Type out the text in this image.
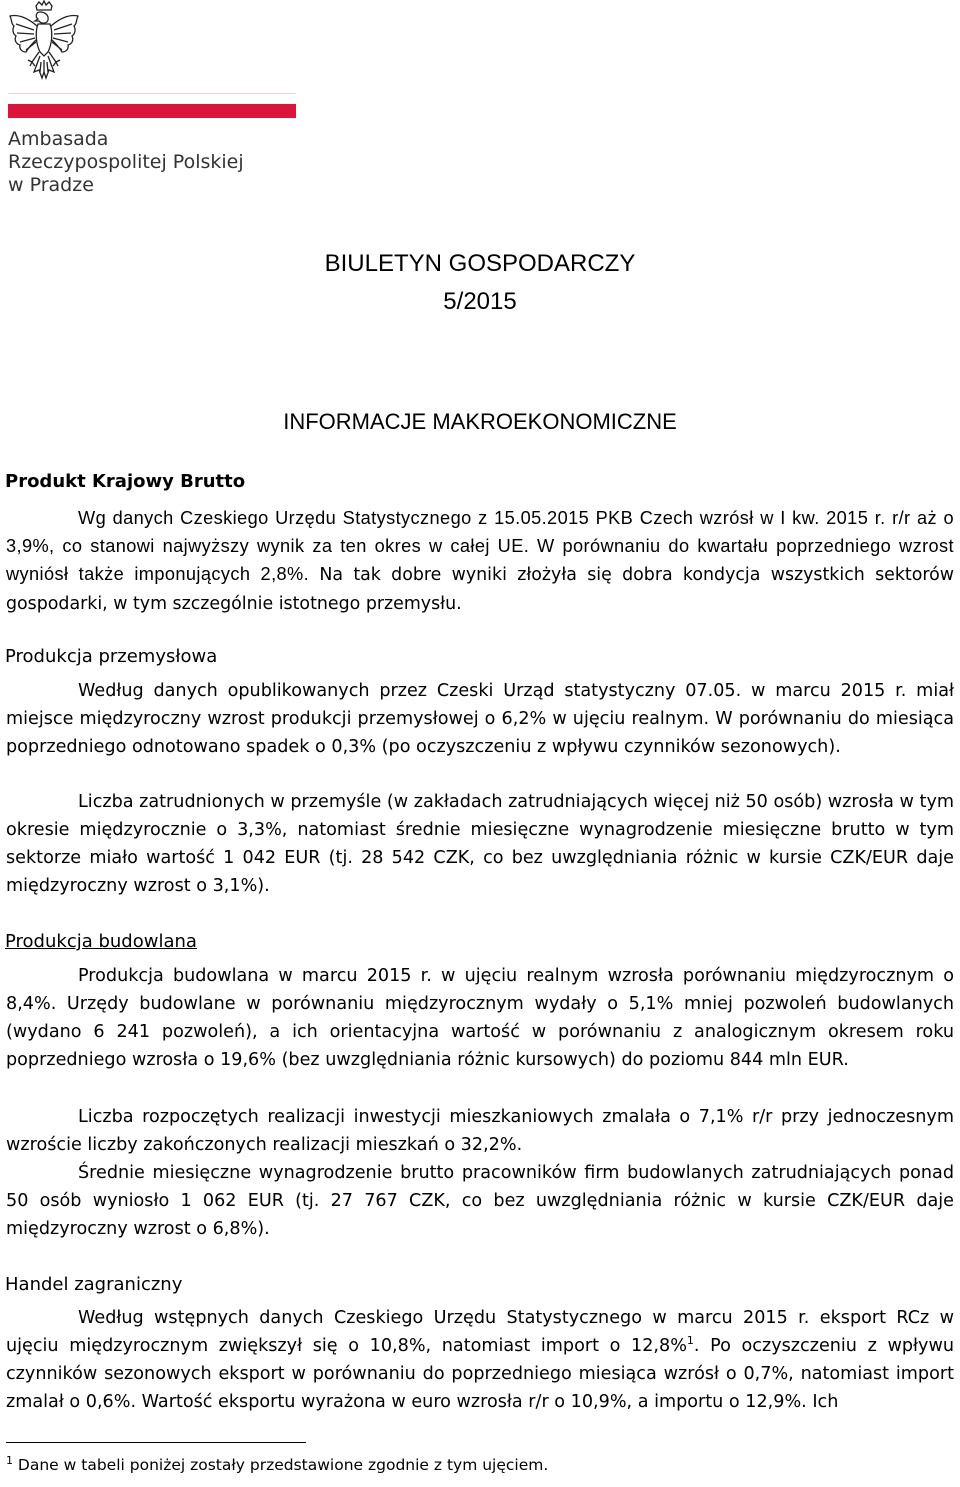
Ambasada
Rzeczypospolitej Polskiej
w Pradze
BIULETYN GOSPODARCZY
5/2015
INFORMACJE MAKROEKONOMICZNE
Produkt Krajowy Brutto
Wg danych Czeskiego Urzędu Statystycznego z 15.05.2015 PKB Czech wzrósł w I kw. 2015 r. r/r aż o 3,9%, co stanowi najwyższy wynik za ten okres w całej UE. W porównaniu do kwartału poprzedniego wzrost wyniósł także imponujących 2,8%. Na tak dobre wyniki złożyła się dobra kondycja wszystkich sektorów gospodarki, w tym szczególnie istotnego przemysłu.
Produkcja przemysłowa
Według danych opublikowanych przez Czeski Urząd statystyczny 07.05. w marcu 2015 r. miał miejsce międzyroczny wzrost produkcji przemysłowej o 6,2% w ujęciu realnym. W porównaniu do miesiąca poprzedniego odnotowano spadek o 0,3% (po oczyszczeniu z wpływu czynników sezonowych).
Liczba zatrudnionych w przemyśle (w zakładach zatrudniających więcej niż 50 osób) wzrosła w tym okresie międzyrocznie o 3,3%, natomiast średnie miesięczne wynagrodzenie miesięczne brutto w tym sektorze miało wartość 1 042 EUR (tj. 28 542 CZK, co bez uwzględniania różnic w kursie CZK/EUR daje międzyroczny wzrost o 3,1%).
Produkcja budowlana
Produkcja budowlana w marcu 2015 r. w ujęciu realnym wzrosła porównaniu międzyrocznym o 8,4%. Urzędy budowlane w porównaniu międzyrocznym wydały o 5,1% mniej pozwoleń budowlanych (wydano 6 241 pozwoleń), a ich orientacyjna wartość w porównaniu z analogicznym okresem roku poprzedniego wzrosła o 19,6% (bez uwzględniania różnic kursowych) do poziomu 844 mln EUR.
Liczba rozpoczętych realizacji inwestycji mieszkaniowych zmalała o 7,1% r/r przy jednoczesnym wzroście liczby zakończonych realizacji mieszkań o 32,2%.
Średnie miesięczne wynagrodzenie brutto pracowników firm budowlanych zatrudniających ponad 50 osób wyniosło 1 062 EUR (tj. 27 767 CZK, co bez uwzględniania różnic w kursie CZK/EUR daje międzyroczny wzrost o 6,8%).
Handel zagraniczny
Według wstępnych danych Czeskiego Urzędu Statystycznego w marcu 2015 r. eksport RCz w ujęciu międzyrocznym zwiększył się o 10,8%, natomiast import o 12,8%$^1$. Po oczyszczeniu z wpływu czynników sezonowych eksport w porównaniu do poprzedniego miesiąca wzrósł o 0,7%, natomiast import zmalał o 0,6%. Wartość eksportu wyrażona w euro wzrosła r/r o 10,9%, a importu o 12,9%. Ich
$^1$ Dane w tabeli poniżej zostały przedstawione zgodnie z tym ujęciem.
